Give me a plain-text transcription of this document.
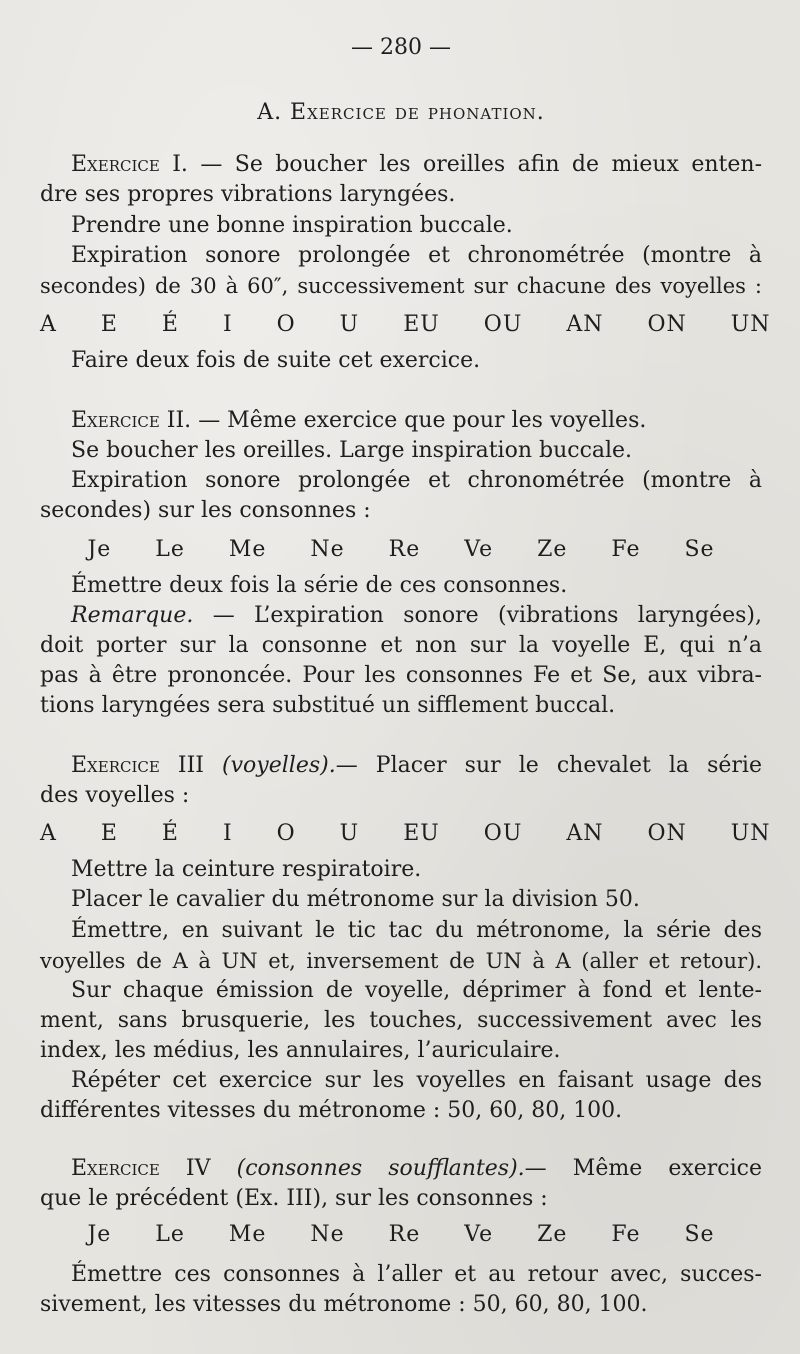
— 280 —
A. Exercice de phonation.
Exercice I. — Se boucher les oreilles afin de mieux enten-
dre ses propres vibrations laryngées.
Prendre une bonne inspiration buccale.
Expiration sonore prolongée et chronométrée (montre à
secondes) de 30 à 60″, successivement sur chacune des voyelles :
A  E  É  I  O  U  EU  OU  AN  ON  UN
Faire deux fois de suite cet exercice.
Exercice II. — Même exercice que pour les voyelles.
Se boucher les oreilles. Large inspiration buccale.
Expiration sonore prolongée et chronométrée (montre à
secondes) sur les consonnes :
Je  Le  Me  Ne  Re  Ve  Ze  Fe  Se
Émettre deux fois la série de ces consonnes.
Remarque. — L’expiration sonore (vibrations laryngées),
doit porter sur la consonne et non sur la voyelle E, qui n’a
pas à être prononcée. Pour les consonnes Fe et Se, aux vibra-
tions laryngées sera substitué un sifflement buccal.
Exercice III (voyelles).— Placer sur le chevalet la série
des voyelles :
A  E  É  I  O  U  EU  OU  AN  ON  UN
Mettre la ceinture respiratoire.
Placer le cavalier du métronome sur la division 50.
Émettre, en suivant le tic tac du métronome, la série des
voyelles de A à UN et, inversement de UN à A (aller et retour).
Sur chaque émission de voyelle, déprimer à fond et lente-
ment, sans brusquerie, les touches, successivement avec les
index, les médius, les annulaires, l’auriculaire.
Répéter cet exercice sur les voyelles en faisant usage des
différentes vitesses du métronome : 50, 60, 80, 100.
Exercice IV (consonnes soufflantes).— Même exercice
que le précédent (Ex. III), sur les consonnes :
Je  Le  Me  Ne  Re  Ve  Ze  Fe  Se
Émettre ces consonnes à l’aller et au retour avec, succes-
sivement, les vitesses du métronome : 50, 60, 80, 100.
